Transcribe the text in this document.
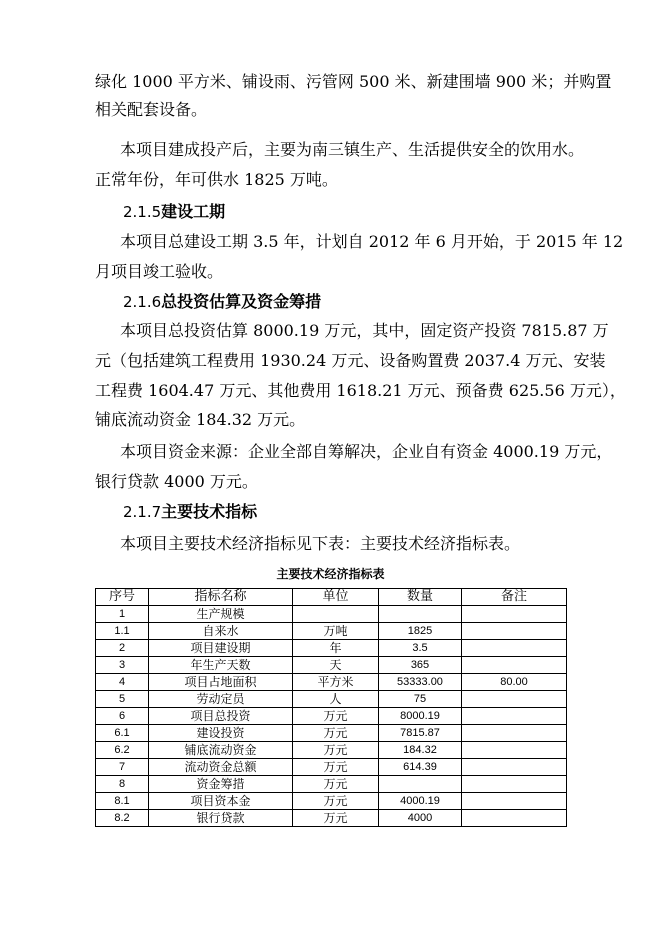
绿化 1000 平方米、铺设雨、污管网 500 米、新建围墙 900 米；并购置
相关配套设备。
本项目建成投产后，主要为南三镇生产、生活提供安全的饮用水。
正常年份，年可供水 1825 万吨。
2.1.5建设工期
本项目总建设工期 3.5 年，计划自 2012 年 6 月开始，于 2015 年 12
月项目竣工验收。
2.1.6总投资估算及资金筹措
本项目总投资估算 8000.19 万元，其中，固定资产投资 7815.87 万
元（包括建筑工程费用 1930.24 万元、设备购置费 2037.4 万元、安装
工程费 1604.47 万元、其他费用 1618.21 万元、预备费 625.56 万元），
铺底流动资金 184.32 万元。
本项目资金来源：企业全部自筹解决，企业自有资金 4000.19 万元，
银行贷款 4000 万元。
2.1.7主要技术指标
本项目主要技术经济指标见下表：主要技术经济指标表。
主要技术经济指标表
序号	指标名称	单位	数量	备注
1	生产规模			
1.1	自来水	万吨	1825	
2	项目建设期	年	3.5	
3	年生产天数	天	365	
4	项目占地面积	平方米	53333.00	80.00
5	劳动定员	人	75	
6	项目总投资	万元	8000.19	
6.1	建设投资	万元	7815.87	
6.2	铺底流动资金	万元	184.32	
7	流动资金总额	万元	614.39	
8	资金筹措	万元		
8.1	项目资本金	万元	4000.19	
8.2	银行贷款	万元	4000	
